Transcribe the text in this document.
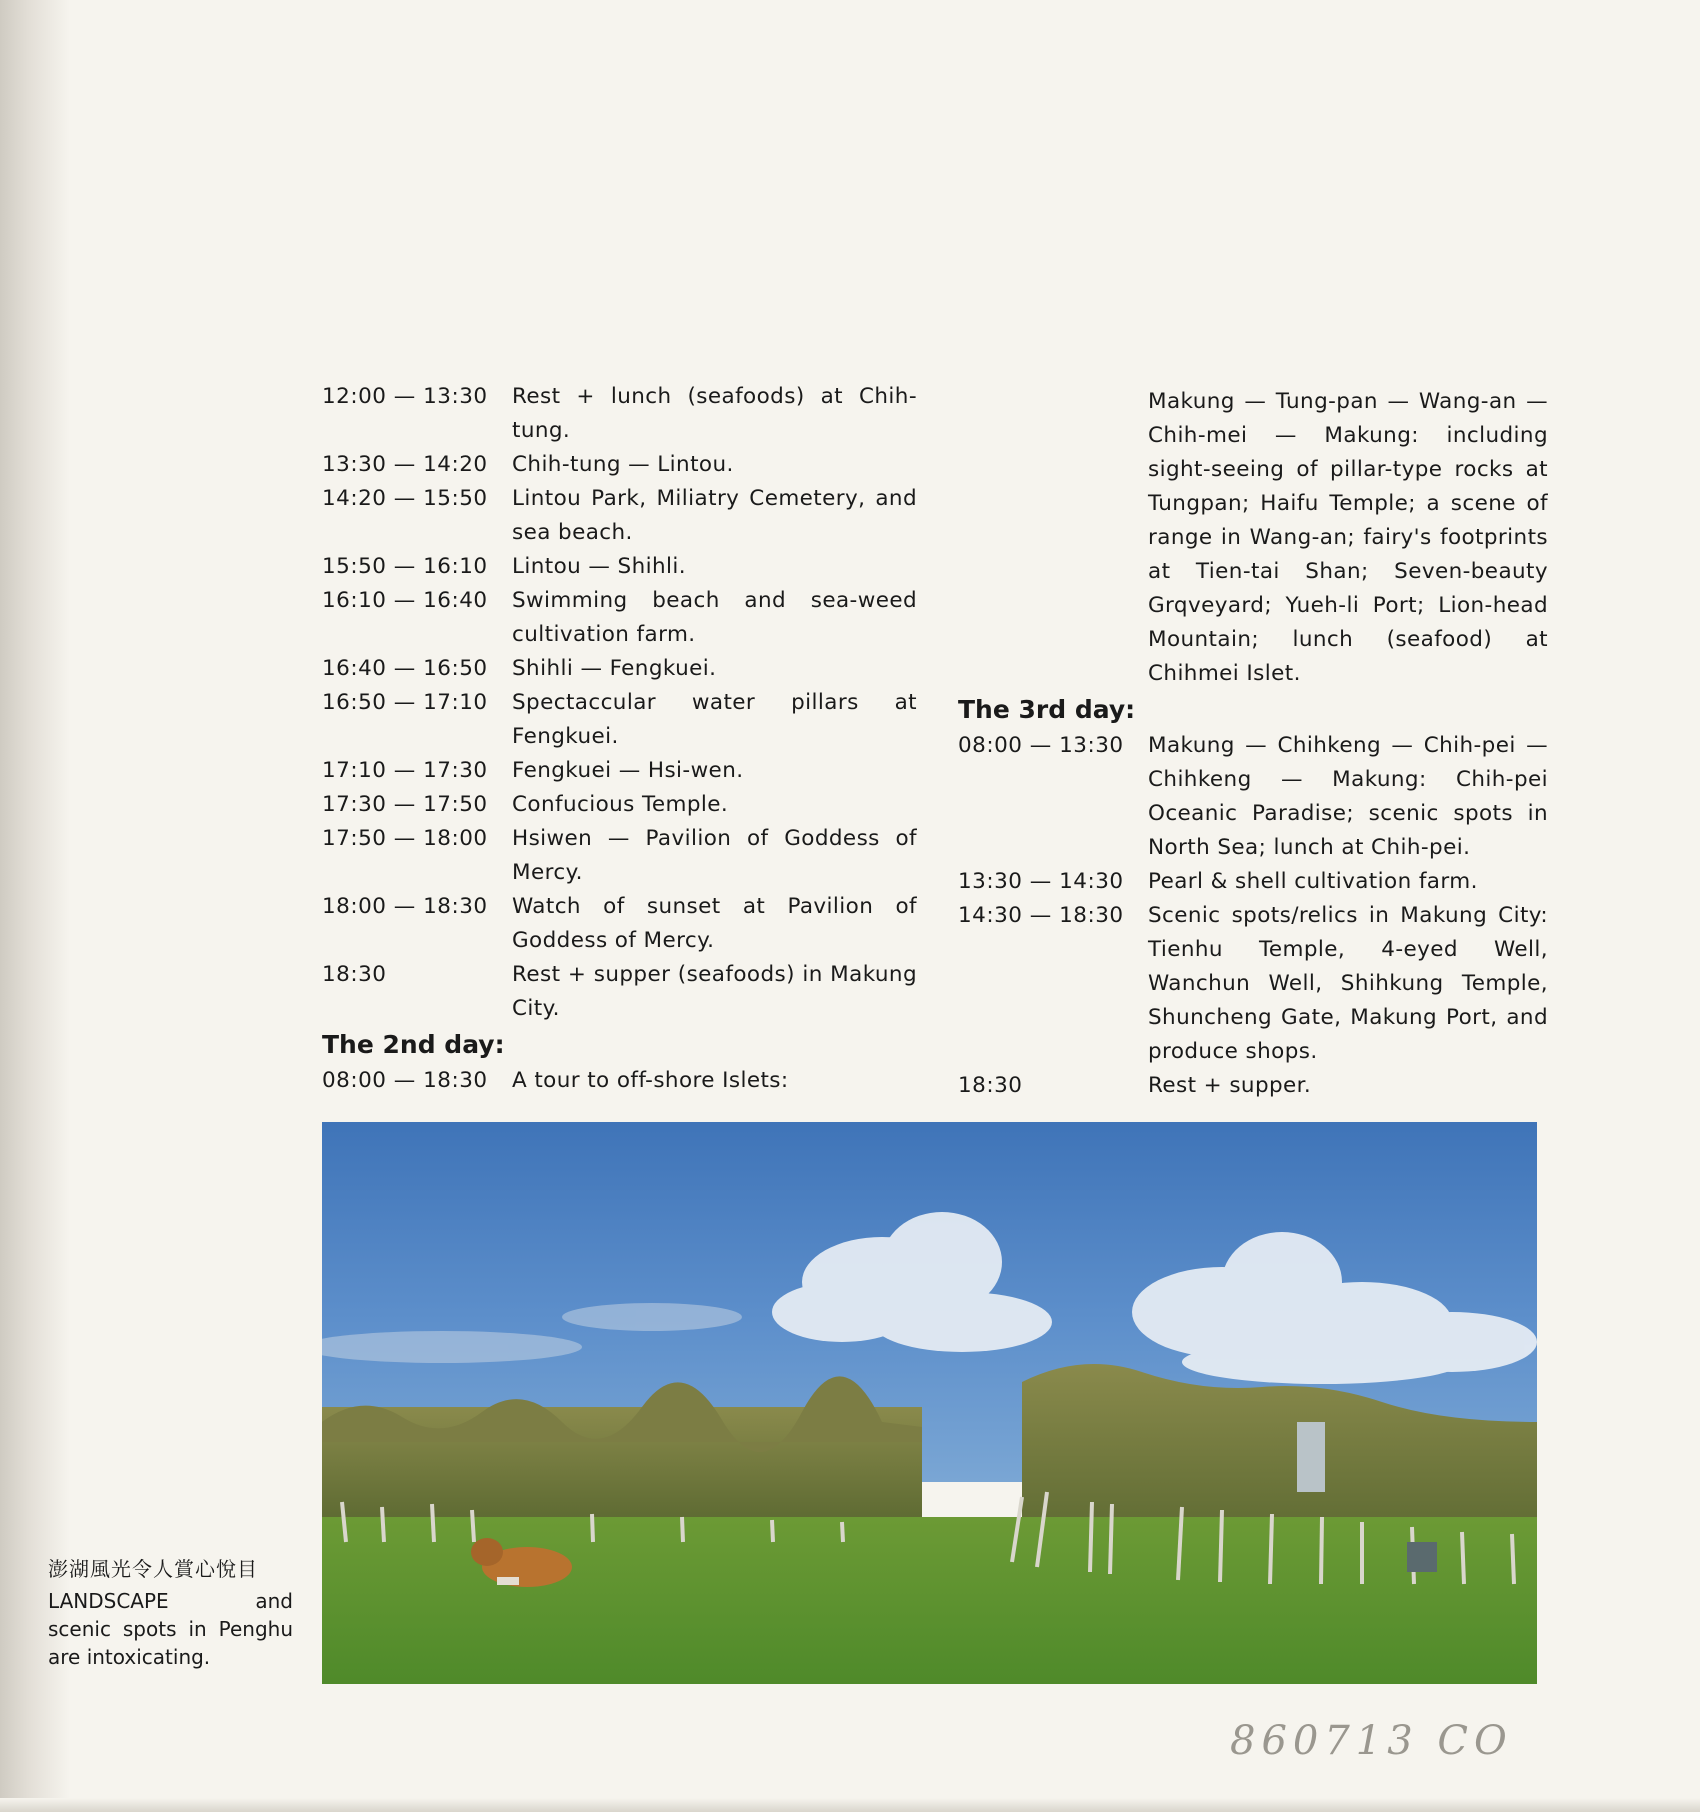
12:00 — 13:30	Rest + lunch (seafoods) at Chih-tung.
13:30 — 14:20	Chih-tung — Lintou.
14:20 — 15:50	Lintou Park, Miliatry Cemetery, and sea beach.
15:50 — 16:10	Lintou — Shihli.
16:10 — 16:40	Swimming beach and sea-weed cultivation farm.
16:40 — 16:50	Shihli — Fengkuei.
16:50 — 17:10	Spectaccular water pillars at Fengkuei.
17:10 — 17:30	Fengkuei — Hsi-wen.
17:30 — 17:50	Confucious Temple.
17:50 — 18:00	Hsiwen — Pavilion of Goddess of Mercy.
18:00 — 18:30	Watch of sunset at Pavilion of Goddess of Mercy.
18:30	Rest + supper (seafoods) in Makung City.
The 2nd day:
08:00 — 18:30	A tour to off-shore Islets:
Makung — Tung-pan — Wang-an — Chih-mei — Makung: including sight-seeing of pillar-type rocks at Tungpan; Haifu Temple; a scene of range in Wang-an; fairy's footprints at Tien-tai Shan; Seven-beauty Grqveyard; Yueh-li Port; Lion-head Mountain; lunch (seafood) at Chihmei Islet.
The 3rd day:
08:00 — 13:30	Makung — Chihkeng — Chih-pei — Chihkeng — Makung: Chih-pei Oceanic Paradise; scenic spots in North Sea; lunch at Chih-pei.
13:30 — 14:30	Pearl & shell cultivation farm.
14:30 — 18:30	Scenic spots/relics in Makung City: Tienhu Temple, 4-eyed Well, Wanchun Well, Shihkung Temple, Shuncheng Gate, Makung Port, and produce shops.
18:30	Rest + supper.
澎湖風光令人賞心悅目
LANDSCAPE	and
scenic spots in Penghu are intoxicating.
860713 CO
